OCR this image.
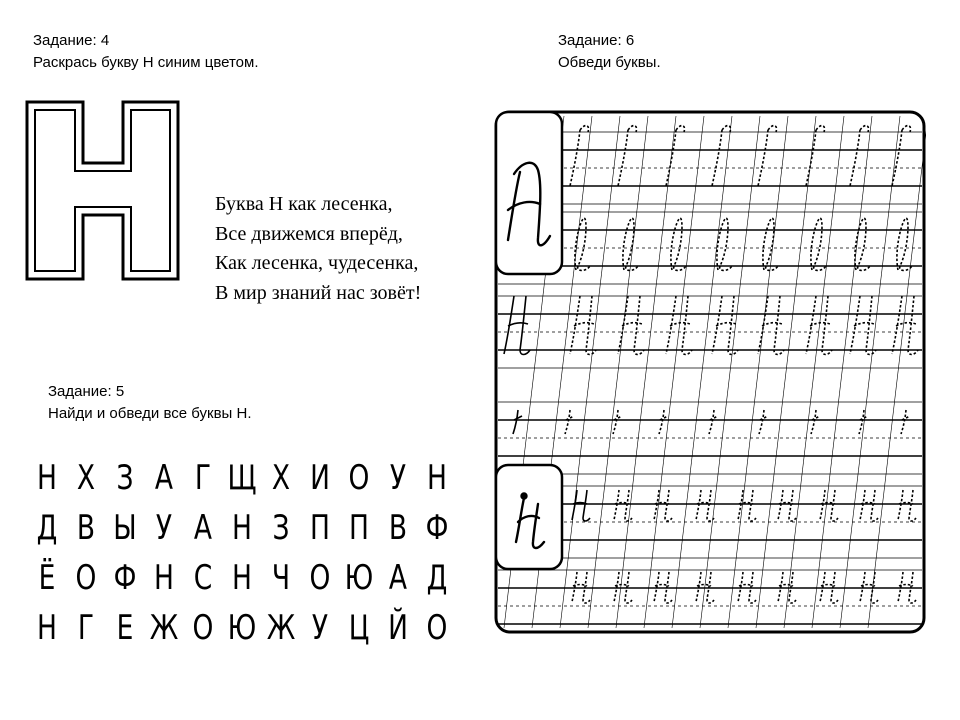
Задание: 4
Раскрась букву Н синим цветом.
Задание: 6
Обведи буквы.
Буква Н как лесенка,
Все движемся вперёд,
Как лесенка, чудесенка,
В мир знаний нас зовёт!
Задание: 5
Найди и обведи все буквы Н.
Н Х З А Г Щ Х И О У Н
Д В Ы У А Н З П П В Ф
Ё О Ф Н С Н Ч О Ю А Д
Н Г Е Ж О Ю Ж У Ц Й О
